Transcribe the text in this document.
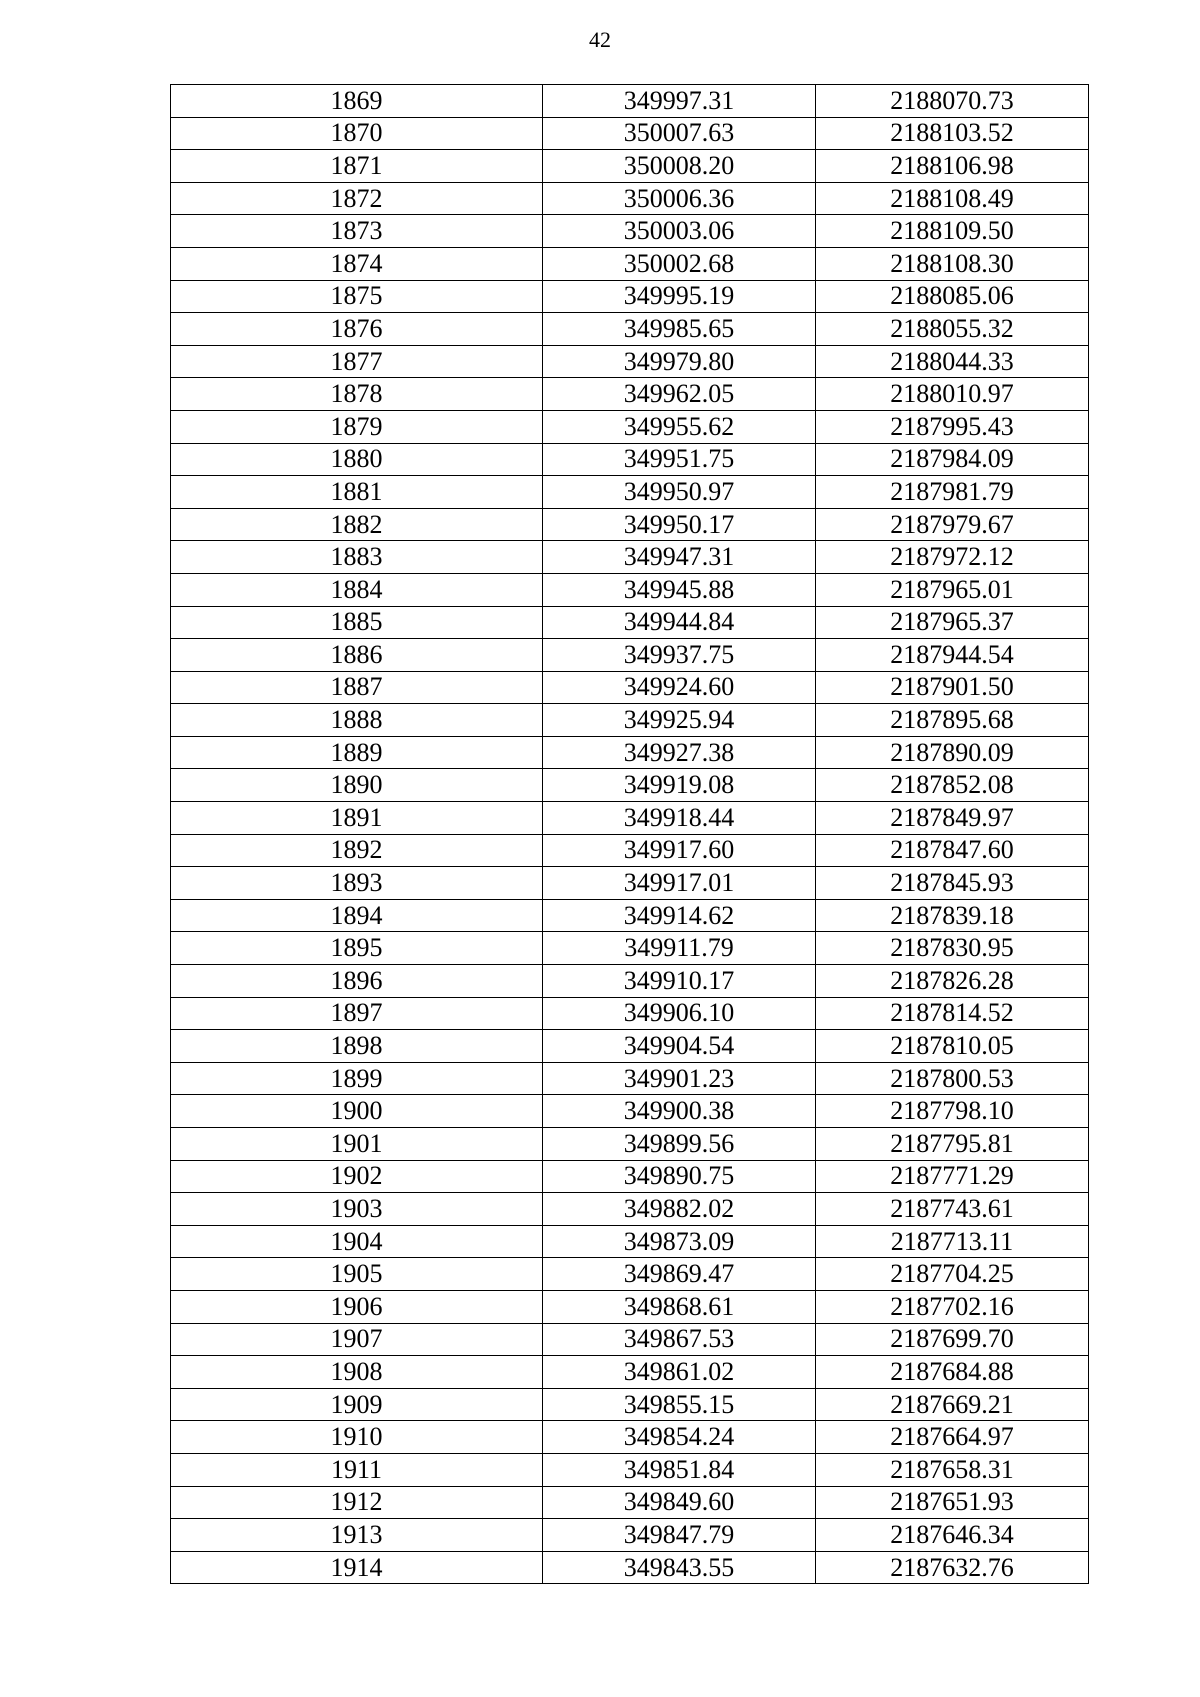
42
1869	349997.31	2188070.73
1870	350007.63	2188103.52
1871	350008.20	2188106.98
1872	350006.36	2188108.49
1873	350003.06	2188109.50
1874	350002.68	2188108.30
1875	349995.19	2188085.06
1876	349985.65	2188055.32
1877	349979.80	2188044.33
1878	349962.05	2188010.97
1879	349955.62	2187995.43
1880	349951.75	2187984.09
1881	349950.97	2187981.79
1882	349950.17	2187979.67
1883	349947.31	2187972.12
1884	349945.88	2187965.01
1885	349944.84	2187965.37
1886	349937.75	2187944.54
1887	349924.60	2187901.50
1888	349925.94	2187895.68
1889	349927.38	2187890.09
1890	349919.08	2187852.08
1891	349918.44	2187849.97
1892	349917.60	2187847.60
1893	349917.01	2187845.93
1894	349914.62	2187839.18
1895	349911.79	2187830.95
1896	349910.17	2187826.28
1897	349906.10	2187814.52
1898	349904.54	2187810.05
1899	349901.23	2187800.53
1900	349900.38	2187798.10
1901	349899.56	2187795.81
1902	349890.75	2187771.29
1903	349882.02	2187743.61
1904	349873.09	2187713.11
1905	349869.47	2187704.25
1906	349868.61	2187702.16
1907	349867.53	2187699.70
1908	349861.02	2187684.88
1909	349855.15	2187669.21
1910	349854.24	2187664.97
1911	349851.84	2187658.31
1912	349849.60	2187651.93
1913	349847.79	2187646.34
1914	349843.55	2187632.76
